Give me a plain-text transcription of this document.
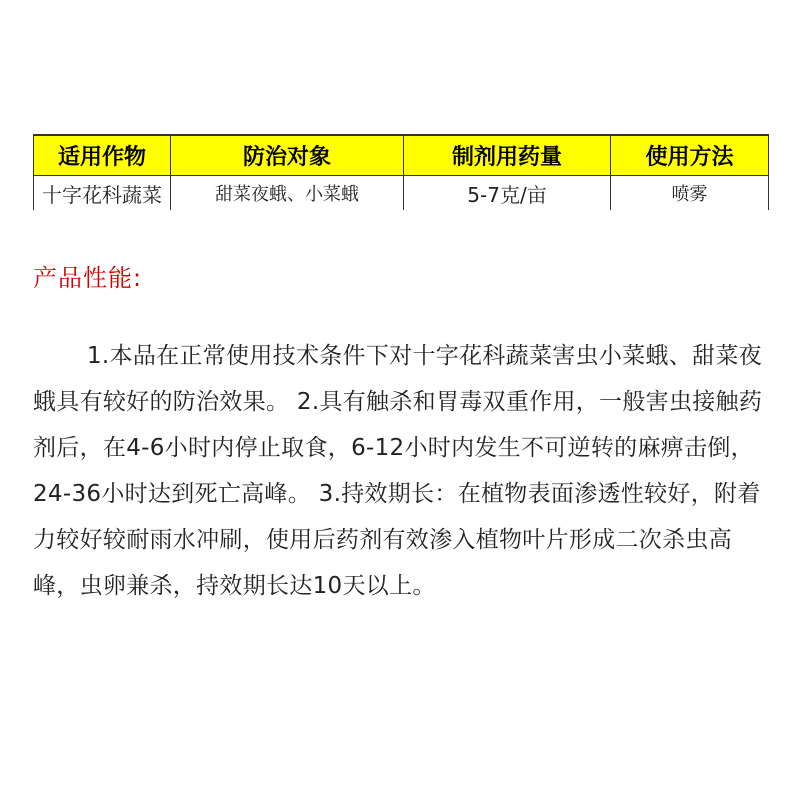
适用作物	防治对象	制剂用药量	使用方法
十字花科蔬菜	甜菜夜蛾、小菜蛾	5-7克/亩	喷雾
产品性能:

1.本品在正常使用技术条件下对十字花科蔬菜害虫小菜蛾、甜菜夜蛾具有较好的防治效果。 2.具有触杀和胃毒双重作用，一般害虫接触药剂后，在4-6小时内停止取食，6-12小时内发生不可逆转的麻痹击倒，24-36小时达到死亡高峰。 3.持效期长：在植物表面渗透性较好，附着力较好较耐雨水冲刷，使用后药剂有效渗入植物叶片形成二次杀虫高峰，虫卵兼杀，持效期长达10天以上。
